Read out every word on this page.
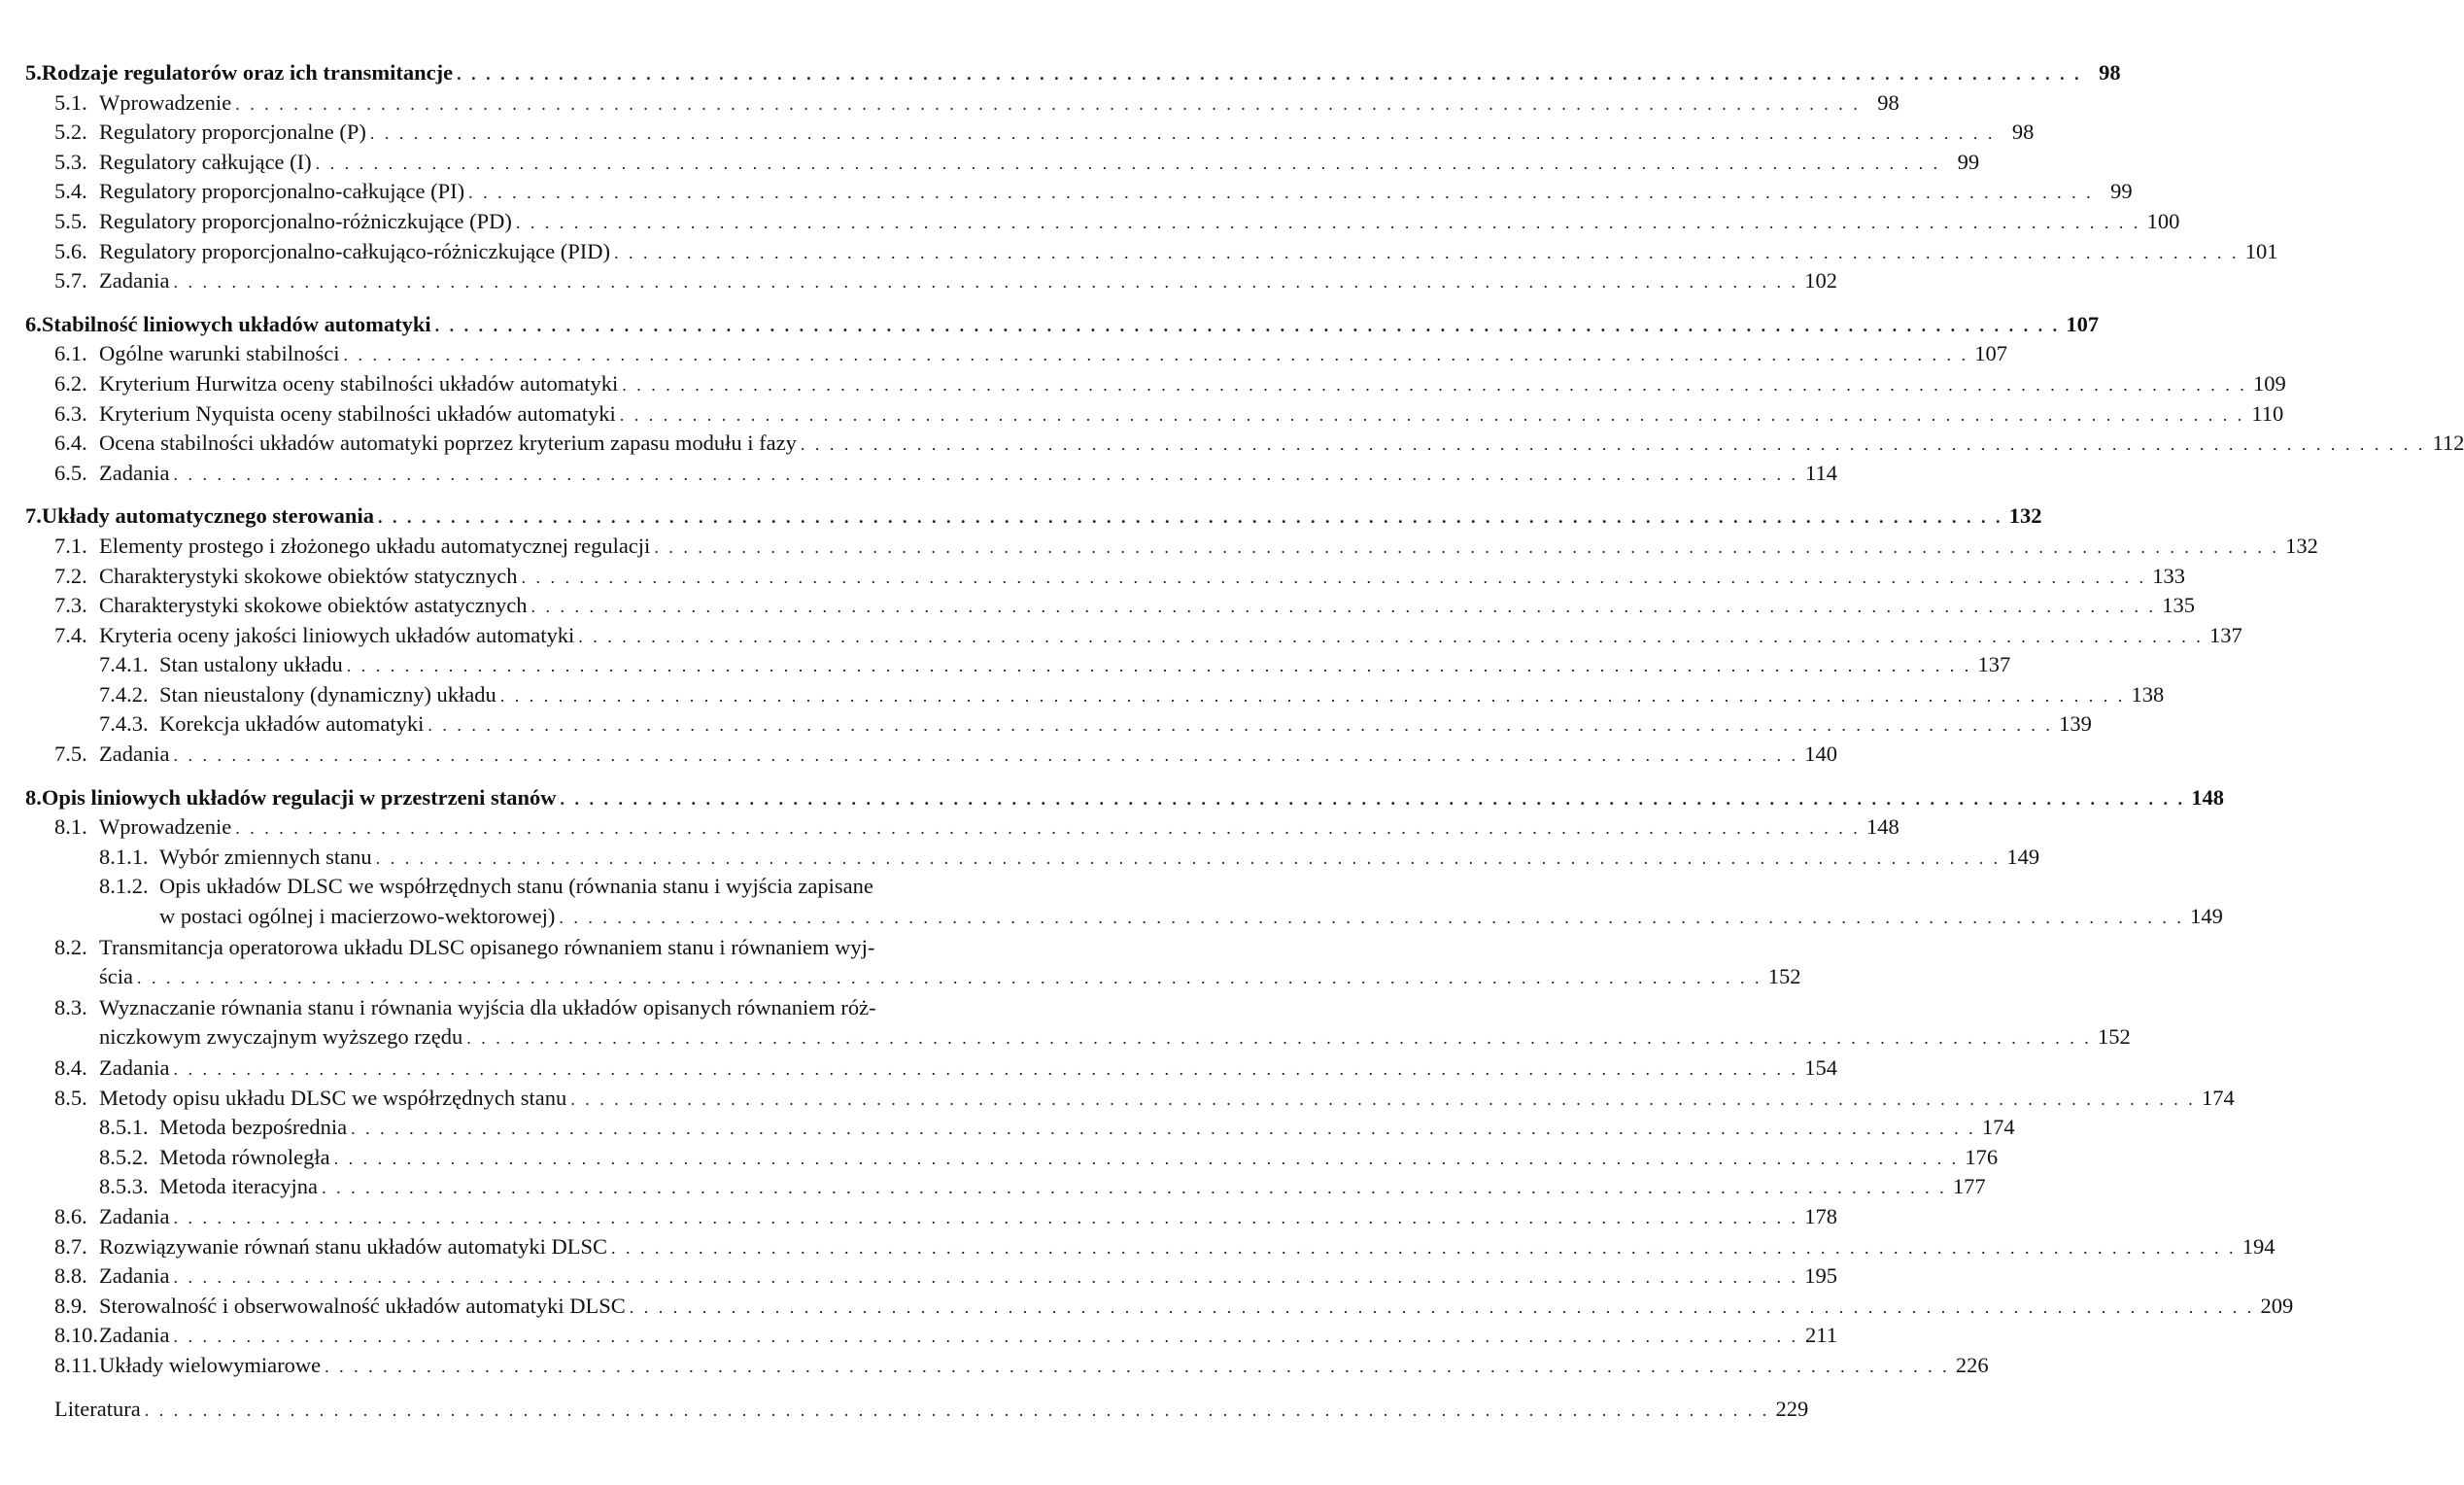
5. Rodzaje regulatorów oraz ich transmitancje . . . . . . . . . . . . . . . . . . . . . . . . . . . . . . . . . . . . . . . . . . . . . . . . . . . . . . . . . . . . . . . . . . . . . . . . . . . . . . . . . . . . . . . . . . . . . . . . . . . . . . . . . . . . . . . . 98
5.1. Wprowadzenie . . . . . . . . . . . . . . . . . . . . . . . . . . . . . . . . . . . . . . . . . . . . . . . . . . . . . . . . . . . . . . . . . . . . . . . . . . . . . . . . . . . . . . . . . . . . . . . . . . . . . . . . . . . . . . . . 98
5.2. Regulatory proporcjonalne (P) . . . . . . . . . . . . . . . . . . . . . . . . . . . . . . . . . . . . . . . . . . . . . . . . . . . . . . . . . . . . . . . . . . . . . . . . . . . . . . . . . . . . . . . . . . . . . . . . . . . . . . . . . . . . . . . . 98
5.3. Regulatory całkujące (I) . . . . . . . . . . . . . . . . . . . . . . . . . . . . . . . . . . . . . . . . . . . . . . . . . . . . . . . . . . . . . . . . . . . . . . . . . . . . . . . . . . . . . . . . . . . . . . . . . . . . . . . . . . . . . . . . 99
5.4. Regulatory proporcjonalno-całkujące (PI) . . . . . . . . . . . . . . . . . . . . . . . . . . . . . . . . . . . . . . . . . . . . . . . . . . . . . . . . . . . . . . . . . . . . . . . . . . . . . . . . . . . . . . . . . . . . . . . . . . . . . . . . . . . . . . . . 99
5.5. Regulatory proporcjonalno-różniczkujące (PD) . . . . . . . . . . . . . . . . . . . . . . . . . . . . . . . . . . . . . . . . . . . . . . . . . . . . . . . . . . . . . . . . . . . . . . . . . . . . . . . . . . . . . . . . . . . . . . . . . . . . . . . . . . . . . . . . 100
5.6. Regulatory proporcjonalno-całkująco-różniczkujące (PID) . . . . . . . . . . . . . . . . . . . . . . . . . . . . . . . . . . . . . . . . . . . . . . . . . . . . . . . . . . . . . . . . . . . . . . . . . . . . . . . . . . . . . . . . . . . . . . . . . . . . . . . . . . . . . . . . 101
5.7. Zadania . . . . . . . . . . . . . . . . . . . . . . . . . . . . . . . . . . . . . . . . . . . . . . . . . . . . . . . . . . . . . . . . . . . . . . . . . . . . . . . . . . . . . . . . . . . . . . . . . . . . . . . . . . . . . . . . 102
6. Stabilność liniowych układów automatyki . . . . . . . . . . . . . . . . . . . . . . . . . . . . . . . . . . . . . . . . . . . . . . . . . . . . . . . . . . . . . . . . . . . . . . . . . . . . . . . . . . . . . . . . . . . . . . . . . . . . . . . . . . . . . . . . 107
6.1. Ogólne warunki stabilności . . . . . . . . . . . . . . . . . . . . . . . . . . . . . . . . . . . . . . . . . . . . . . . . . . . . . . . . . . . . . . . . . . . . . . . . . . . . . . . . . . . . . . . . . . . . . . . . . . . . . . . . . . . . . . . . 107
6.2. Kryterium Hurwitza oceny stabilności układów automatyki . . . . . . . . . . . . . . . . . . . . . . . . . . . . . . . . . . . . . . . . . . . . . . . . . . . . . . . . . . . . . . . . . . . . . . . . . . . . . . . . . . . . . . . . . . . . . . . . . . . . . . . . . . . . . . . . 109
6.3. Kryterium Nyquista oceny stabilności układów automatyki . . . . . . . . . . . . . . . . . . . . . . . . . . . . . . . . . . . . . . . . . . . . . . . . . . . . . . . . . . . . . . . . . . . . . . . . . . . . . . . . . . . . . . . . . . . . . . . . . . . . . . . . . . . . . . . . 110
6.4. Ocena stabilności układów automatyki poprzez kryterium zapasu modułu i fazy . . . . . . . . . . . . . . . . . . . . . . . . . . . . . . . . . . . . . . . . . . . . . . . . . . . . . . . . . . . . . . . . . . . . . . . . . . . . . . . . . . . . . . . . . . . . . . . . . . . . . . . . . . . . . . . . 112
6.5. Zadania . . . . . . . . . . . . . . . . . . . . . . . . . . . . . . . . . . . . . . . . . . . . . . . . . . . . . . . . . . . . . . . . . . . . . . . . . . . . . . . . . . . . . . . . . . . . . . . . . . . . . . . . . . . . . . . . 114
7. Układy automatycznego sterowania . . . . . . . . . . . . . . . . . . . . . . . . . . . . . . . . . . . . . . . . . . . . . . . . . . . . . . . . . . . . . . . . . . . . . . . . . . . . . . . . . . . . . . . . . . . . . . . . . . . . . . . . . . . . . . . . 132
7.1. Elementy prostego i złożonego układu automatycznej regulacji . . . . . . . . . . . . . . . . . . . . . . . . . . . . . . . . . . . . . . . . . . . . . . . . . . . . . . . . . . . . . . . . . . . . . . . . . . . . . . . . . . . . . . . . . . . . . . . . . . . . . . . . . . . . . . . . 132
7.2. Charakterystyki skokowe obiektów statycznych . . . . . . . . . . . . . . . . . . . . . . . . . . . . . . . . . . . . . . . . . . . . . . . . . . . . . . . . . . . . . . . . . . . . . . . . . . . . . . . . . . . . . . . . . . . . . . . . . . . . . . . . . . . . . . . . 133
7.3. Charakterystyki skokowe obiektów astatycznych . . . . . . . . . . . . . . . . . . . . . . . . . . . . . . . . . . . . . . . . . . . . . . . . . . . . . . . . . . . . . . . . . . . . . . . . . . . . . . . . . . . . . . . . . . . . . . . . . . . . . . . . . . . . . . . . 135
7.4. Kryteria oceny jakości liniowych układów automatyki . . . . . . . . . . . . . . . . . . . . . . . . . . . . . . . . . . . . . . . . . . . . . . . . . . . . . . . . . . . . . . . . . . . . . . . . . . . . . . . . . . . . . . . . . . . . . . . . . . . . . . . . . . . . . . . . 137
7.4.1. Stan ustalony układu . . . . . . . . . . . . . . . . . . . . . . . . . . . . . . . . . . . . . . . . . . . . . . . . . . . . . . . . . . . . . . . . . . . . . . . . . . . . . . . . . . . . . . . . . . . . . . . . . . . . . . . . . . . . . . . . 137
7.4.2. Stan nieustalony (dynamiczny) układu . . . . . . . . . . . . . . . . . . . . . . . . . . . . . . . . . . . . . . . . . . . . . . . . . . . . . . . . . . . . . . . . . . . . . . . . . . . . . . . . . . . . . . . . . . . . . . . . . . . . . . . . . . . . . . . . 138
7.4.3. Korekcja układów automatyki . . . . . . . . . . . . . . . . . . . . . . . . . . . . . . . . . . . . . . . . . . . . . . . . . . . . . . . . . . . . . . . . . . . . . . . . . . . . . . . . . . . . . . . . . . . . . . . . . . . . . . . . . . . . . . . . 139
7.5. Zadania . . . . . . . . . . . . . . . . . . . . . . . . . . . . . . . . . . . . . . . . . . . . . . . . . . . . . . . . . . . . . . . . . . . . . . . . . . . . . . . . . . . . . . . . . . . . . . . . . . . . . . . . . . . . . . . . 140
8. Opis liniowych układów regulacji w przestrzeni stanów . . . . . . . . . . . . . . . . . . . . . . . . . . . . . . . . . . . . . . . . . . . . . . . . . . . . . . . . . . . . . . . . . . . . . . . . . . . . . . . . . . . . . . . . . . . . . . . . . . . . . . . . . . . . . . . . 148
8.1. Wprowadzenie . . . . . . . . . . . . . . . . . . . . . . . . . . . . . . . . . . . . . . . . . . . . . . . . . . . . . . . . . . . . . . . . . . . . . . . . . . . . . . . . . . . . . . . . . . . . . . . . . . . . . . . . . . . . . . . . 148
8.1.1. Wybór zmiennych stanu . . . . . . . . . . . . . . . . . . . . . . . . . . . . . . . . . . . . . . . . . . . . . . . . . . . . . . . . . . . . . . . . . . . . . . . . . . . . . . . . . . . . . . . . . . . . . . . . . . . . . . . . . . . . . . . . 149
8.1.2. Opis układów DLSC we współrzędnych stanu (równania stanu i wyjścia zapisane
w postaci ogólnej i macierzowo-wektorowej) . . . . . . . . . . . . . . . . . . . . . . . . . . . . . . . . . . . . . . . . . . . . . . . . . . . . . . . . . . . . . . . . . . . . . . . . . . . . . . . . . . . . . . . . . . . . . . . . . . . . . . . . . . . . . . . . 149
8.2. Transmitancja operatorowa układu DLSC opisanego równaniem stanu i równaniem wyj-
ścia . . . . . . . . . . . . . . . . . . . . . . . . . . . . . . . . . . . . . . . . . . . . . . . . . . . . . . . . . . . . . . . . . . . . . . . . . . . . . . . . . . . . . . . . . . . . . . . . . . . . . . . . . . . . . . . . 152
8.3. Wyznaczanie równania stanu i równania wyjścia dla układów opisanych równaniem róż-
niczkowym zwyczajnym wyższego rzędu . . . . . . . . . . . . . . . . . . . . . . . . . . . . . . . . . . . . . . . . . . . . . . . . . . . . . . . . . . . . . . . . . . . . . . . . . . . . . . . . . . . . . . . . . . . . . . . . . . . . . . . . . . . . . . . . 152
8.4. Zadania . . . . . . . . . . . . . . . . . . . . . . . . . . . . . . . . . . . . . . . . . . . . . . . . . . . . . . . . . . . . . . . . . . . . . . . . . . . . . . . . . . . . . . . . . . . . . . . . . . . . . . . . . . . . . . . . 154
8.5. Metody opisu układu DLSC we współrzędnych stanu . . . . . . . . . . . . . . . . . . . . . . . . . . . . . . . . . . . . . . . . . . . . . . . . . . . . . . . . . . . . . . . . . . . . . . . . . . . . . . . . . . . . . . . . . . . . . . . . . . . . . . . . . . . . . . . . 174
8.5.1. Metoda bezpośrednia . . . . . . . . . . . . . . . . . . . . . . . . . . . . . . . . . . . . . . . . . . . . . . . . . . . . . . . . . . . . . . . . . . . . . . . . . . . . . . . . . . . . . . . . . . . . . . . . . . . . . . . . . . . . . . . . 174
8.5.2. Metoda równoległa . . . . . . . . . . . . . . . . . . . . . . . . . . . . . . . . . . . . . . . . . . . . . . . . . . . . . . . . . . . . . . . . . . . . . . . . . . . . . . . . . . . . . . . . . . . . . . . . . . . . . . . . . . . . . . . . 176
8.5.3. Metoda iteracyjna . . . . . . . . . . . . . . . . . . . . . . . . . . . . . . . . . . . . . . . . . . . . . . . . . . . . . . . . . . . . . . . . . . . . . . . . . . . . . . . . . . . . . . . . . . . . . . . . . . . . . . . . . . . . . . . . 177
8.6. Zadania . . . . . . . . . . . . . . . . . . . . . . . . . . . . . . . . . . . . . . . . . . . . . . . . . . . . . . . . . . . . . . . . . . . . . . . . . . . . . . . . . . . . . . . . . . . . . . . . . . . . . . . . . . . . . . . . 178
8.7. Rozwiązywanie równań stanu układów automatyki DLSC . . . . . . . . . . . . . . . . . . . . . . . . . . . . . . . . . . . . . . . . . . . . . . . . . . . . . . . . . . . . . . . . . . . . . . . . . . . . . . . . . . . . . . . . . . . . . . . . . . . . . . . . . . . . . . . . 194
8.8. Zadania . . . . . . . . . . . . . . . . . . . . . . . . . . . . . . . . . . . . . . . . . . . . . . . . . . . . . . . . . . . . . . . . . . . . . . . . . . . . . . . . . . . . . . . . . . . . . . . . . . . . . . . . . . . . . . . . 195
8.9. Sterowalność i obserwowalność układów automatyki DLSC . . . . . . . . . . . . . . . . . . . . . . . . . . . . . . . . . . . . . . . . . . . . . . . . . . . . . . . . . . . . . . . . . . . . . . . . . . . . . . . . . . . . . . . . . . . . . . . . . . . . . . . . . . . . . . . . 209
8.10. Zadania . . . . . . . . . . . . . . . . . . . . . . . . . . . . . . . . . . . . . . . . . . . . . . . . . . . . . . . . . . . . . . . . . . . . . . . . . . . . . . . . . . . . . . . . . . . . . . . . . . . . . . . . . . . . . . . . 211
8.11. Układy wielowymiarowe . . . . . . . . . . . . . . . . . . . . . . . . . . . . . . . . . . . . . . . . . . . . . . . . . . . . . . . . . . . . . . . . . . . . . . . . . . . . . . . . . . . . . . . . . . . . . . . . . . . . . . . . . . . . . . . . 226
Literatura . . . . . . . . . . . . . . . . . . . . . . . . . . . . . . . . . . . . . . . . . . . . . . . . . . . . . . . . . . . . . . . . . . . . . . . . . . . . . . . . . . . . . . . . . . . . . . . . . . . . . . . . . . . . . . . . 229
